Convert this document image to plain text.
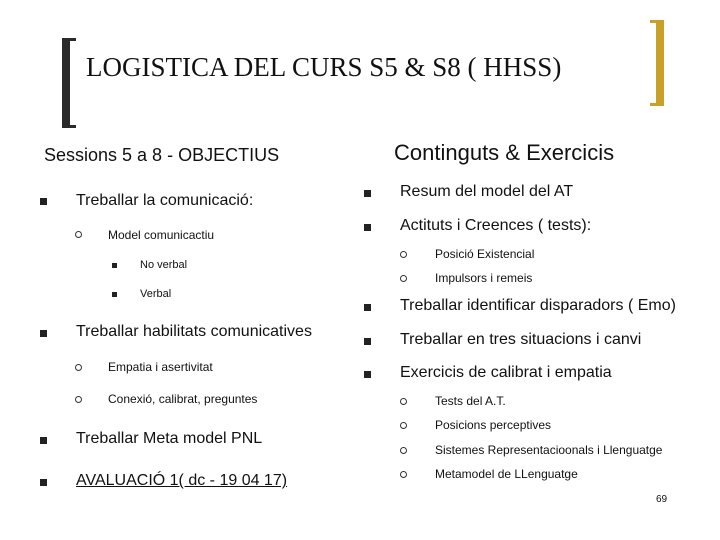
LOGISTICA DEL CURS S5 & S8 ( HHSS)
Sessions 5 a 8 - OBJECTIUS
Treballar la comunicació:
Model comunicactiu
No verbal
Verbal
Treballar habilitats comunicatives
Empatia i asertivitat
Conexió, calibrat, preguntes
Treballar Meta model PNL
AVALUACIÓ 1( dc - 19 04 17)
Continguts & Exercicis
Resum del model del AT
Actituts i Creences ( tests):
Posició Existencial
Impulsors i remeis
Treballar identificar disparadors ( Emo)
Treballar en tres situacions i canvi
Exercicis de calibrat i empatia
Tests del A.T.
Posicions perceptives
Sistemes Representacioonals i Llenguatge
Metamodel de LLenguatge
69
